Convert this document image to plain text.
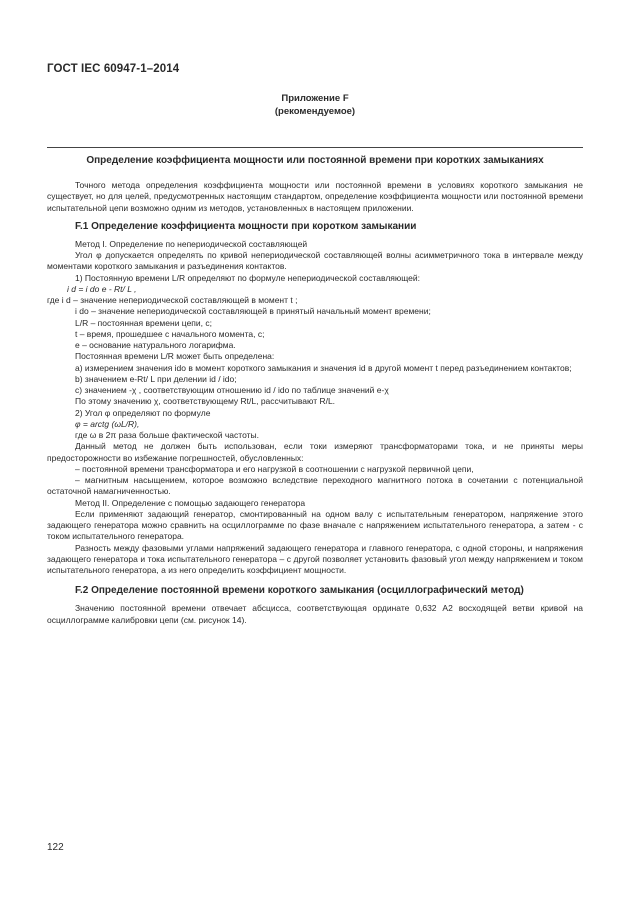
ГОСТ IEC 60947-1–2014
Приложение F
(рекомендуемое)
Определение коэффициента мощности или постоянной времени при коротких замыканиях

Точного метода определения коэффициента мощности или постоянной времени в условиях короткого замыкания не существует, но для целей, предусмотренных настоящим стандартом, определение коэффициента мощности или постоянной времени испытательной цепи возможно одним из методов, установленных в настоящем приложении.

F.1 Определение коэффициента мощности при коротком замыкании

Метод I. Определение по непериодической составляющей

Угол φ допускается определять по кривой непериодической составляющей волны асимметричного тока в интервале между моментами короткого замыкания и разъединения контактов.

1) Постоянную времени L/R определяют по формуле непериодической составляющей:

i d = i do e - Rt/ L ,

где i d – значение непериодической составляющей в момент t ;

i do – значение непериодической составляющей в принятый начальный момент времени;

L/R – постоянная времени цепи, с;

t – время, прошедшее с начального момента, с;

e – основание натурального логарифма.

Постоянная времени L/R может быть определена:

а) измерением значения ido в момент короткого замыкания и значения id в другой момент t перед разъединением контактов;

b) значением e-Rt/ L при делении id / ido;

c) значением -χ , соответствующим отношению id / ido по таблице значений e-χ

По этому значению χ, соответствующему Rt/L, рассчитывают R/L.

2) Угол φ определяют по формуле

φ = arctg (ωL/R),

где ω в 2π раза больше фактической частоты.

Данный метод не должен быть использован, если токи измеряют трансформаторами тока, и не приняты меры предосторожности во избежание погрешностей, обусловленных:

– постоянной времени трансформатора и его нагрузкой в соотношении с нагрузкой первичной цепи,

– магнитным насыщением, которое возможно вследствие переходного магнитного потока в сочетании с потенциальной остаточной намагниченностью.

Метод II. Определение с помощью задающего генератора

Если применяют задающий генератор, смонтированный на одном валу с испытательным генератором, напряжение этого задающего генератора можно сравнить на осциллограмме по фазе вначале с напряжением испытательного генератора, а затем - с током испытательного генератора.

Разность между фазовыми углами напряжений задающего генератора и главного генератора, с одной стороны, и напряжения задающего генератора и тока испытательного генератора – с другой позволяет установить фазовый угол между напряжением и током испытательного генератора, а из него определить коэффициент мощности.

F.2 Определение постоянной времени короткого замыкания (осциллографический метод)

Значению постоянной времени отвечает абсцисса, соответствующая ординате 0,632 A2 восходящей ветви кривой на осциллограмме калибровки цепи (см. рисунок 14).

122
